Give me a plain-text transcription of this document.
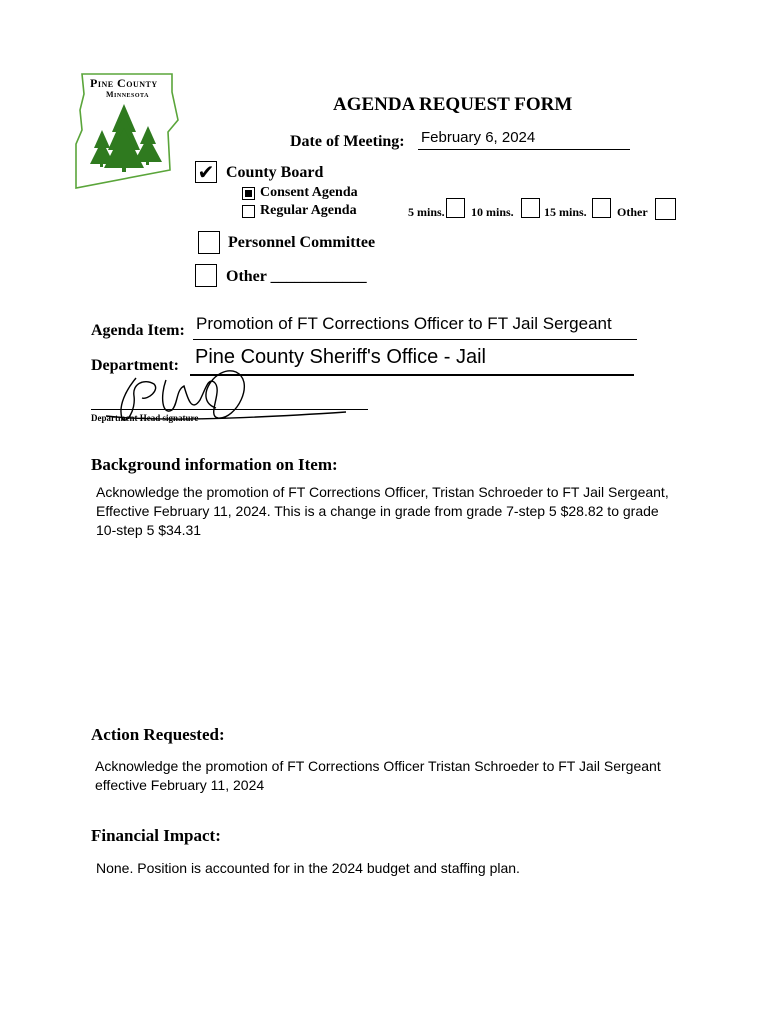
Pine County
Minnesota	AGENDA REQUEST FORM
Date of Meeting: February 6, 2024
✔ County Board
Consent Agenda
Regular Agenda	5 mins. 10 mins.	15 mins.	Other
Personnel Committee
Other ____________
Agenda Item: Promotion of FT Corrections Officer to FT Jail Sergeant
Department: Pine County Sheriff's Office - Jail
Department Head signature
Background information on Item:
Acknowledge the promotion of FT Corrections Officer, Tristan Schroeder to FT Jail Sergeant,
Effective February 11, 2024. This is a change in grade from grade 7-step 5 $28.82 to grade
10-step 5 $34.31
Action Requested:
Acknowledge the promotion of FT Corrections Officer Tristan Schroeder to FT Jail Sergeant
effective February 11, 2024
Financial Impact:
None. Position is accounted for in the 2024 budget and staffing plan.
